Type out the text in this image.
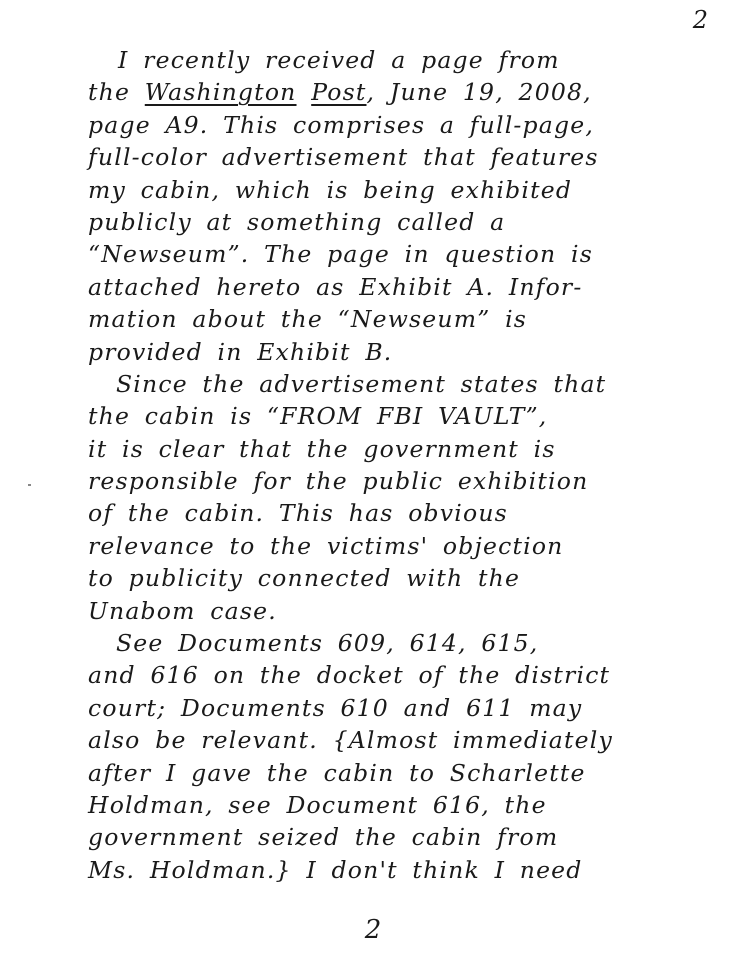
2
I recently received a page from
the Washington Post, June 19, 2008,
page A9. This comprises a full-page,
full-color advertisement that features
my cabin, which is being exhibited
publicly at something called a
“Newseum”. The page in question is
attached hereto as Exhibit A. Infor-
mation about the “Newseum” is
provided in Exhibit B.
Since the advertisement states that
the cabin is “FROM FBI VAULT”,
it is clear that the government is
responsible for the public exhibition
of the cabin. This has obvious
relevance to the victims' objection
to publicity connected with the
Unabom case.
See Documents 609, 614, 615,
and 616 on the docket of the district
court; Documents 610 and 611 may
also be relevant. {Almost immediately
after I gave the cabin to Scharlette
Holdman, see Document 616, the
government seized the cabin from
Ms. Holdman.} I don't think I need
2
